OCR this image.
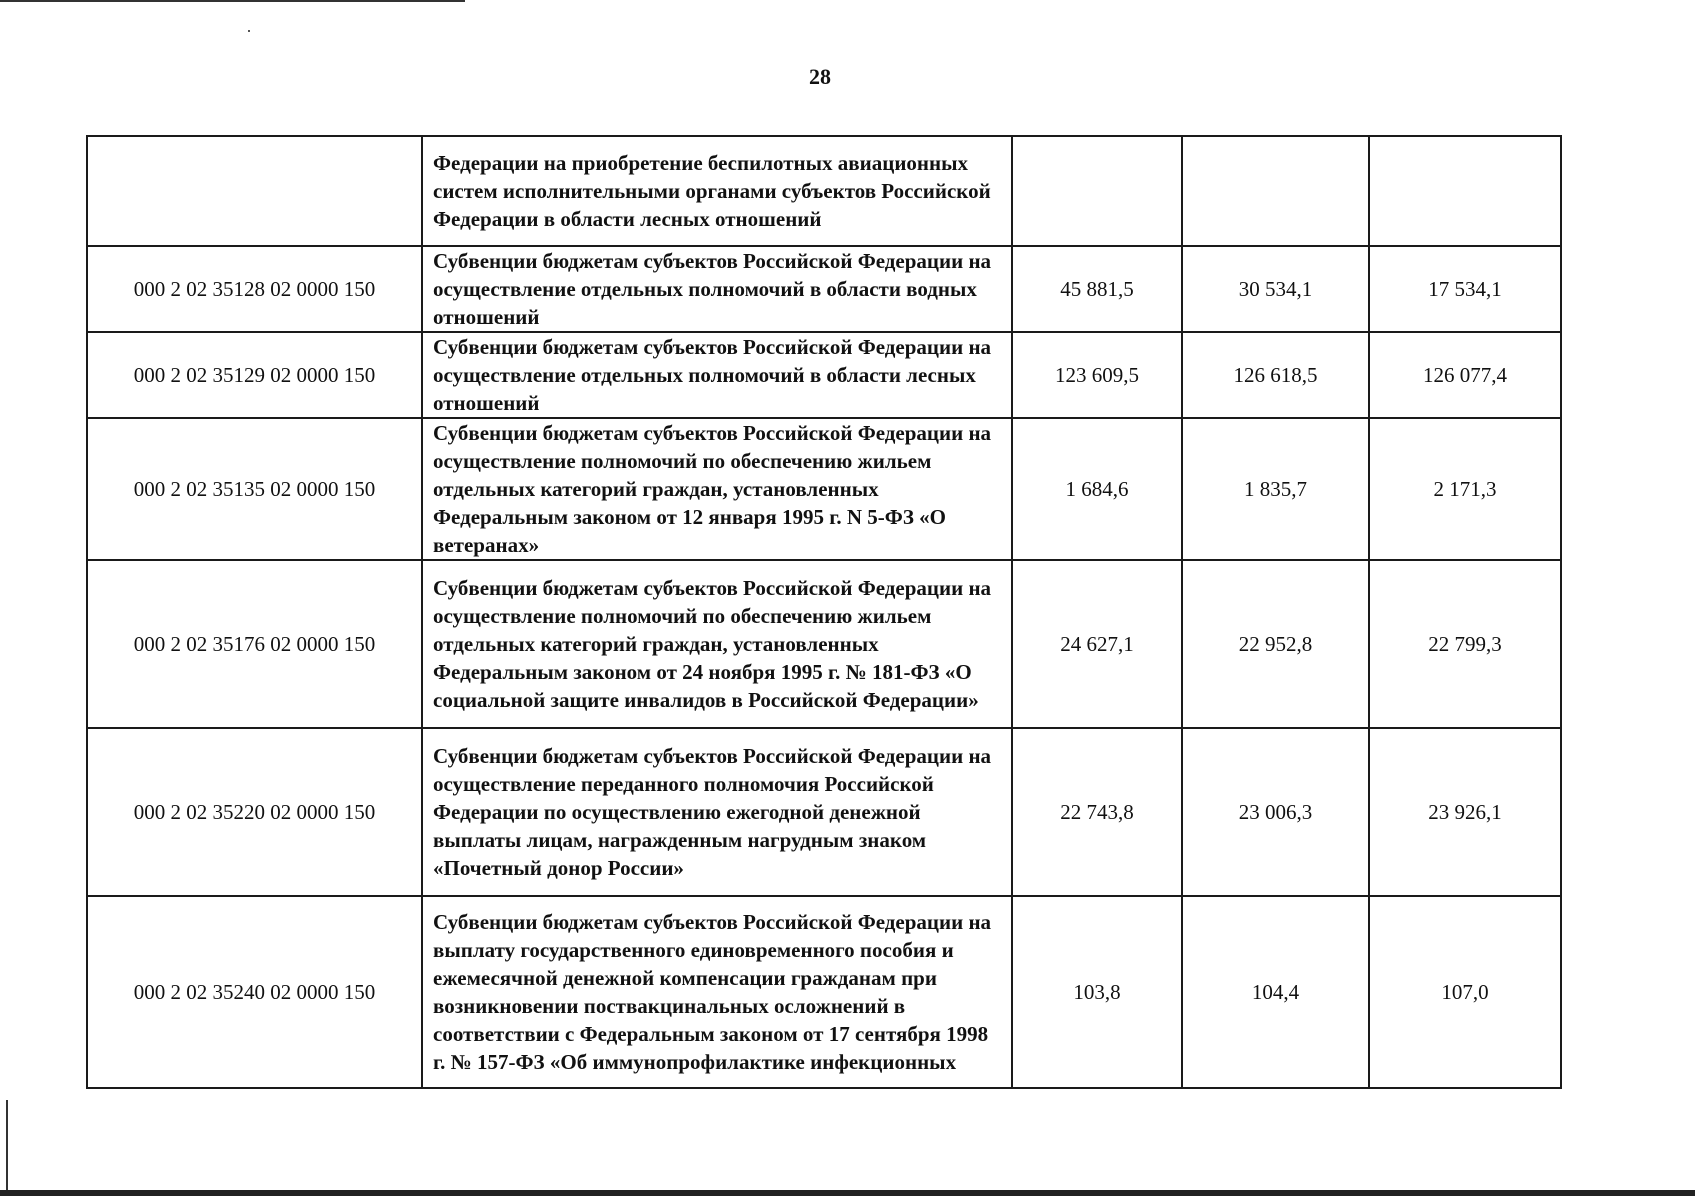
28
	Федерации на приобретение беспилотных авиационных систем исполнительными органами субъектов Российской Федерации в области лесных отношений			
000 2 02 35128 02 0000 150	Субвенции бюджетам субъектов Российской Федерации на осуществление отдельных полномочий в области водных отношений	45 881,5	30 534,1	17 534,1
000 2 02 35129 02 0000 150	Субвенции бюджетам субъектов Российской Федерации на осуществление отдельных полномочий в области лесных отношений	123 609,5	126 618,5	126 077,4
000 2 02 35135 02 0000 150	Субвенции бюджетам субъектов Российской Федерации на осуществление полномочий по обеспечению жильем отдельных категорий граждан, установленных Федеральным законом от 12 января 1995 г. N 5-ФЗ «О ветеранах»	1 684,6	1 835,7	2 171,3
000 2 02 35176 02 0000 150	Субвенции бюджетам субъектов Российской Федерации на осуществление полномочий по обеспечению жильем отдельных категорий граждан, установленных Федеральным законом от 24 ноября 1995 г. № 181-ФЗ «О социальной защите инвалидов в Российской Федерации»	24 627,1	22 952,8	22 799,3
000 2 02 35220 02 0000 150	Субвенции бюджетам субъектов Российской Федерации на осуществление переданного полномочия Российской Федерации по осуществлению ежегодной денежной выплаты лицам, награжденным нагрудным знаком «Почетный донор России»	22 743,8	23 006,3	23 926,1
000 2 02 35240 02 0000 150	Субвенции бюджетам субъектов Российской Федерации на выплату государственного единовременного пособия и ежемесячной денежной компенсации гражданам при возникновении поствакцинальных осложнений в соответствии с Федеральным законом от 17 сентября 1998 г. № 157-ФЗ «Об иммунопрофилактике инфекционных	103,8	104,4	107,0
